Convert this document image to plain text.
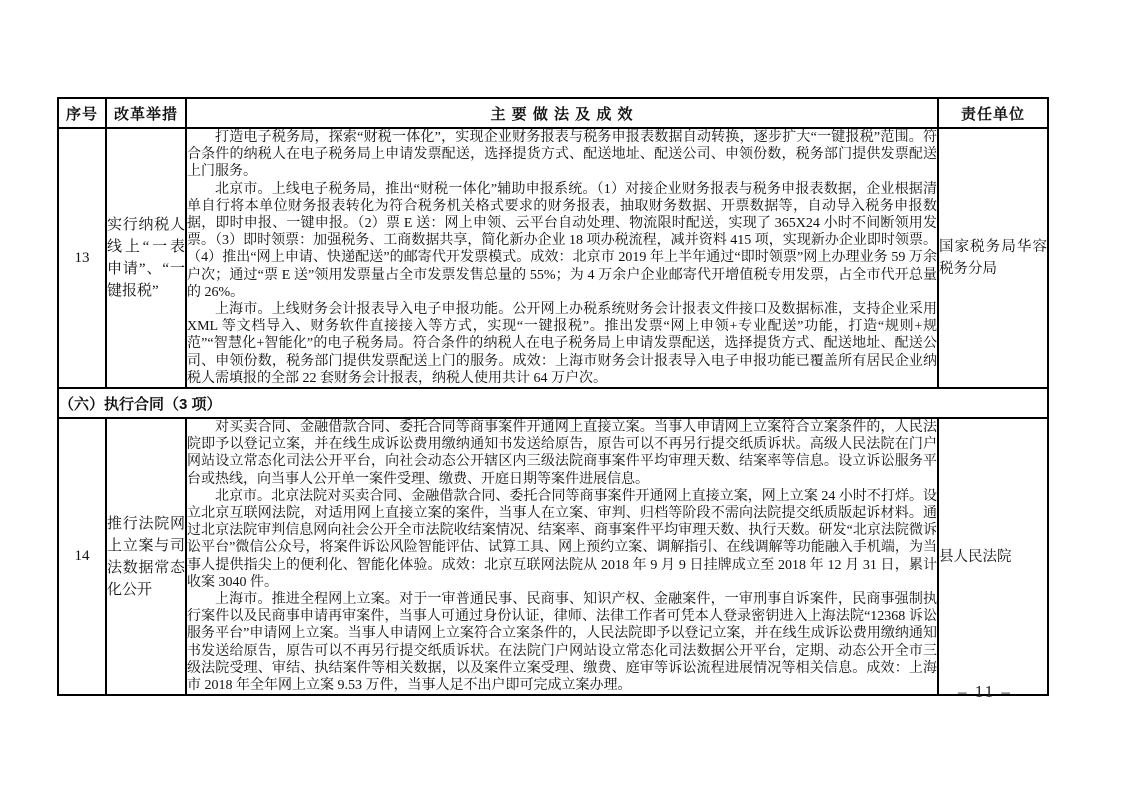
序号	改革举措	主 要 做 法 及 成 效	责任单位
13	实行纳税人线上“一表申请”、“一键报税”	打造电子税务局，探索“财税一体化”，实现企业财务报表与税务申报表数据自动转换，逐步扩大“一键报税”范围。符合条件的纳税人在电子税务局上申请发票配送，选择提货方式、配送地址、配送公司、申领份数，税务部门提供发票配送上门服务。

北京市。上线电子税务局，推出“财税一体化”辅助申报系统。（1）对接企业财务报表与税务申报表数据，企业根据清单自行将本单位财务报表转化为符合税务机关格式要求的财务报表，抽取财务数据、开票数据等，自动导入税务申报数据，即时申报、一键申报。（2）票 E 送：网上申领、云平台自动处理、物流限时配送，实现了 365X24 小时不间断领用发票。（3）即时领票：加强税务、工商数据共享，简化新办企业 18 项办税流程，减并资料 415 项，实现新办企业即时领票。（4）推出“网上申请、快递配送”的邮寄代开发票模式。成效：北京市 2019 年上半年通过“即时领票”网上办理业务 59 万余户次；通过“票 E 送”领用发票量占全市发票发售总量的 55%；为 4 万余户企业邮寄代开增值税专用发票，占全市代开总量的 26%。

上海市。上线财务会计报表导入电子申报功能。公开网上办税系统财务会计报表文件接口及数据标准，支持企业采用 XML 等文档导入、财务软件直接接入等方式，实现“一键报税”。推出发票“网上申领+专业配送”功能，打造“规则+规范”“智慧化+智能化”的电子税务局。符合条件的纳税人在电子税务局上申请发票配送，选择提货方式、配送地址、配送公司、申领份数，税务部门提供发票配送上门的服务。成效：上海市财务会计报表导入电子申报功能已覆盖所有居民企业纳税人需填报的全部 22 套财务会计报表，纳税人使用共计 64 万户次。	国家税务局华容税务分局
（六）执行合同（3 项）			
14	推行法院网上立案与司法数据常态化公开	对买卖合同、金融借款合同、委托合同等商事案件开通网上直接立案。当事人申请网上立案符合立案条件的，人民法院即予以登记立案，并在线生成诉讼费用缴纳通知书发送给原告，原告可以不再另行提交纸质诉状。高级人民法院在门户网站设立常态化司法公开平台，向社会动态公开辖区内三级法院商事案件平均审理天数、结案率等信息。设立诉讼服务平台或热线，向当事人公开单一案件受理、缴费、开庭日期等案件进展信息。

北京市。北京法院对买卖合同、金融借款合同、委托合同等商事案件开通网上直接立案，网上立案 24 小时不打烊。设立北京互联网法院，对适用网上直接立案的案件，当事人在立案、审判、归档等阶段不需向法院提交纸质版起诉材料。通过北京法院审判信息网向社会公开全市法院收结案情况、结案率、商事案件平均审理天数、执行天数。研发“北京法院微诉讼平台”微信公众号，将案件诉讼风险智能评估、试算工具、网上预约立案、调解指引、在线调解等功能融入手机端，为当事人提供指尖上的便利化、智能化体验。成效：北京互联网法院从 2018 年 9 月 9 日挂牌成立至 2018 年 12 月 31 日，累计收案 3040 件。

上海市。推进全程网上立案。对于一审普通民事、民商事、知识产权、金融案件，一审刑事自诉案件，民商事强制执行案件以及民商事申请再审案件，当事人可通过身份认证，律师、法律工作者可凭本人登录密钥进入上海法院“12368 诉讼服务平台”申请网上立案。当事人申请网上立案符合立案条件的，人民法院即予以登记立案，并在线生成诉讼费用缴纳通知书发送给原告，原告可以不再另行提交纸质诉状。在法院门户网站设立常态化司法数据公开平台，定期、动态公开全市三级法院受理、审结、执结案件等相关数据，以及案件立案受理、缴费、庭审等诉讼流程进展情况等相关信息。成效：上海市 2018 年全年网上立案 9.53 万件，当事人足不出户即可完成立案办理。	县人民法院
– 11 –
